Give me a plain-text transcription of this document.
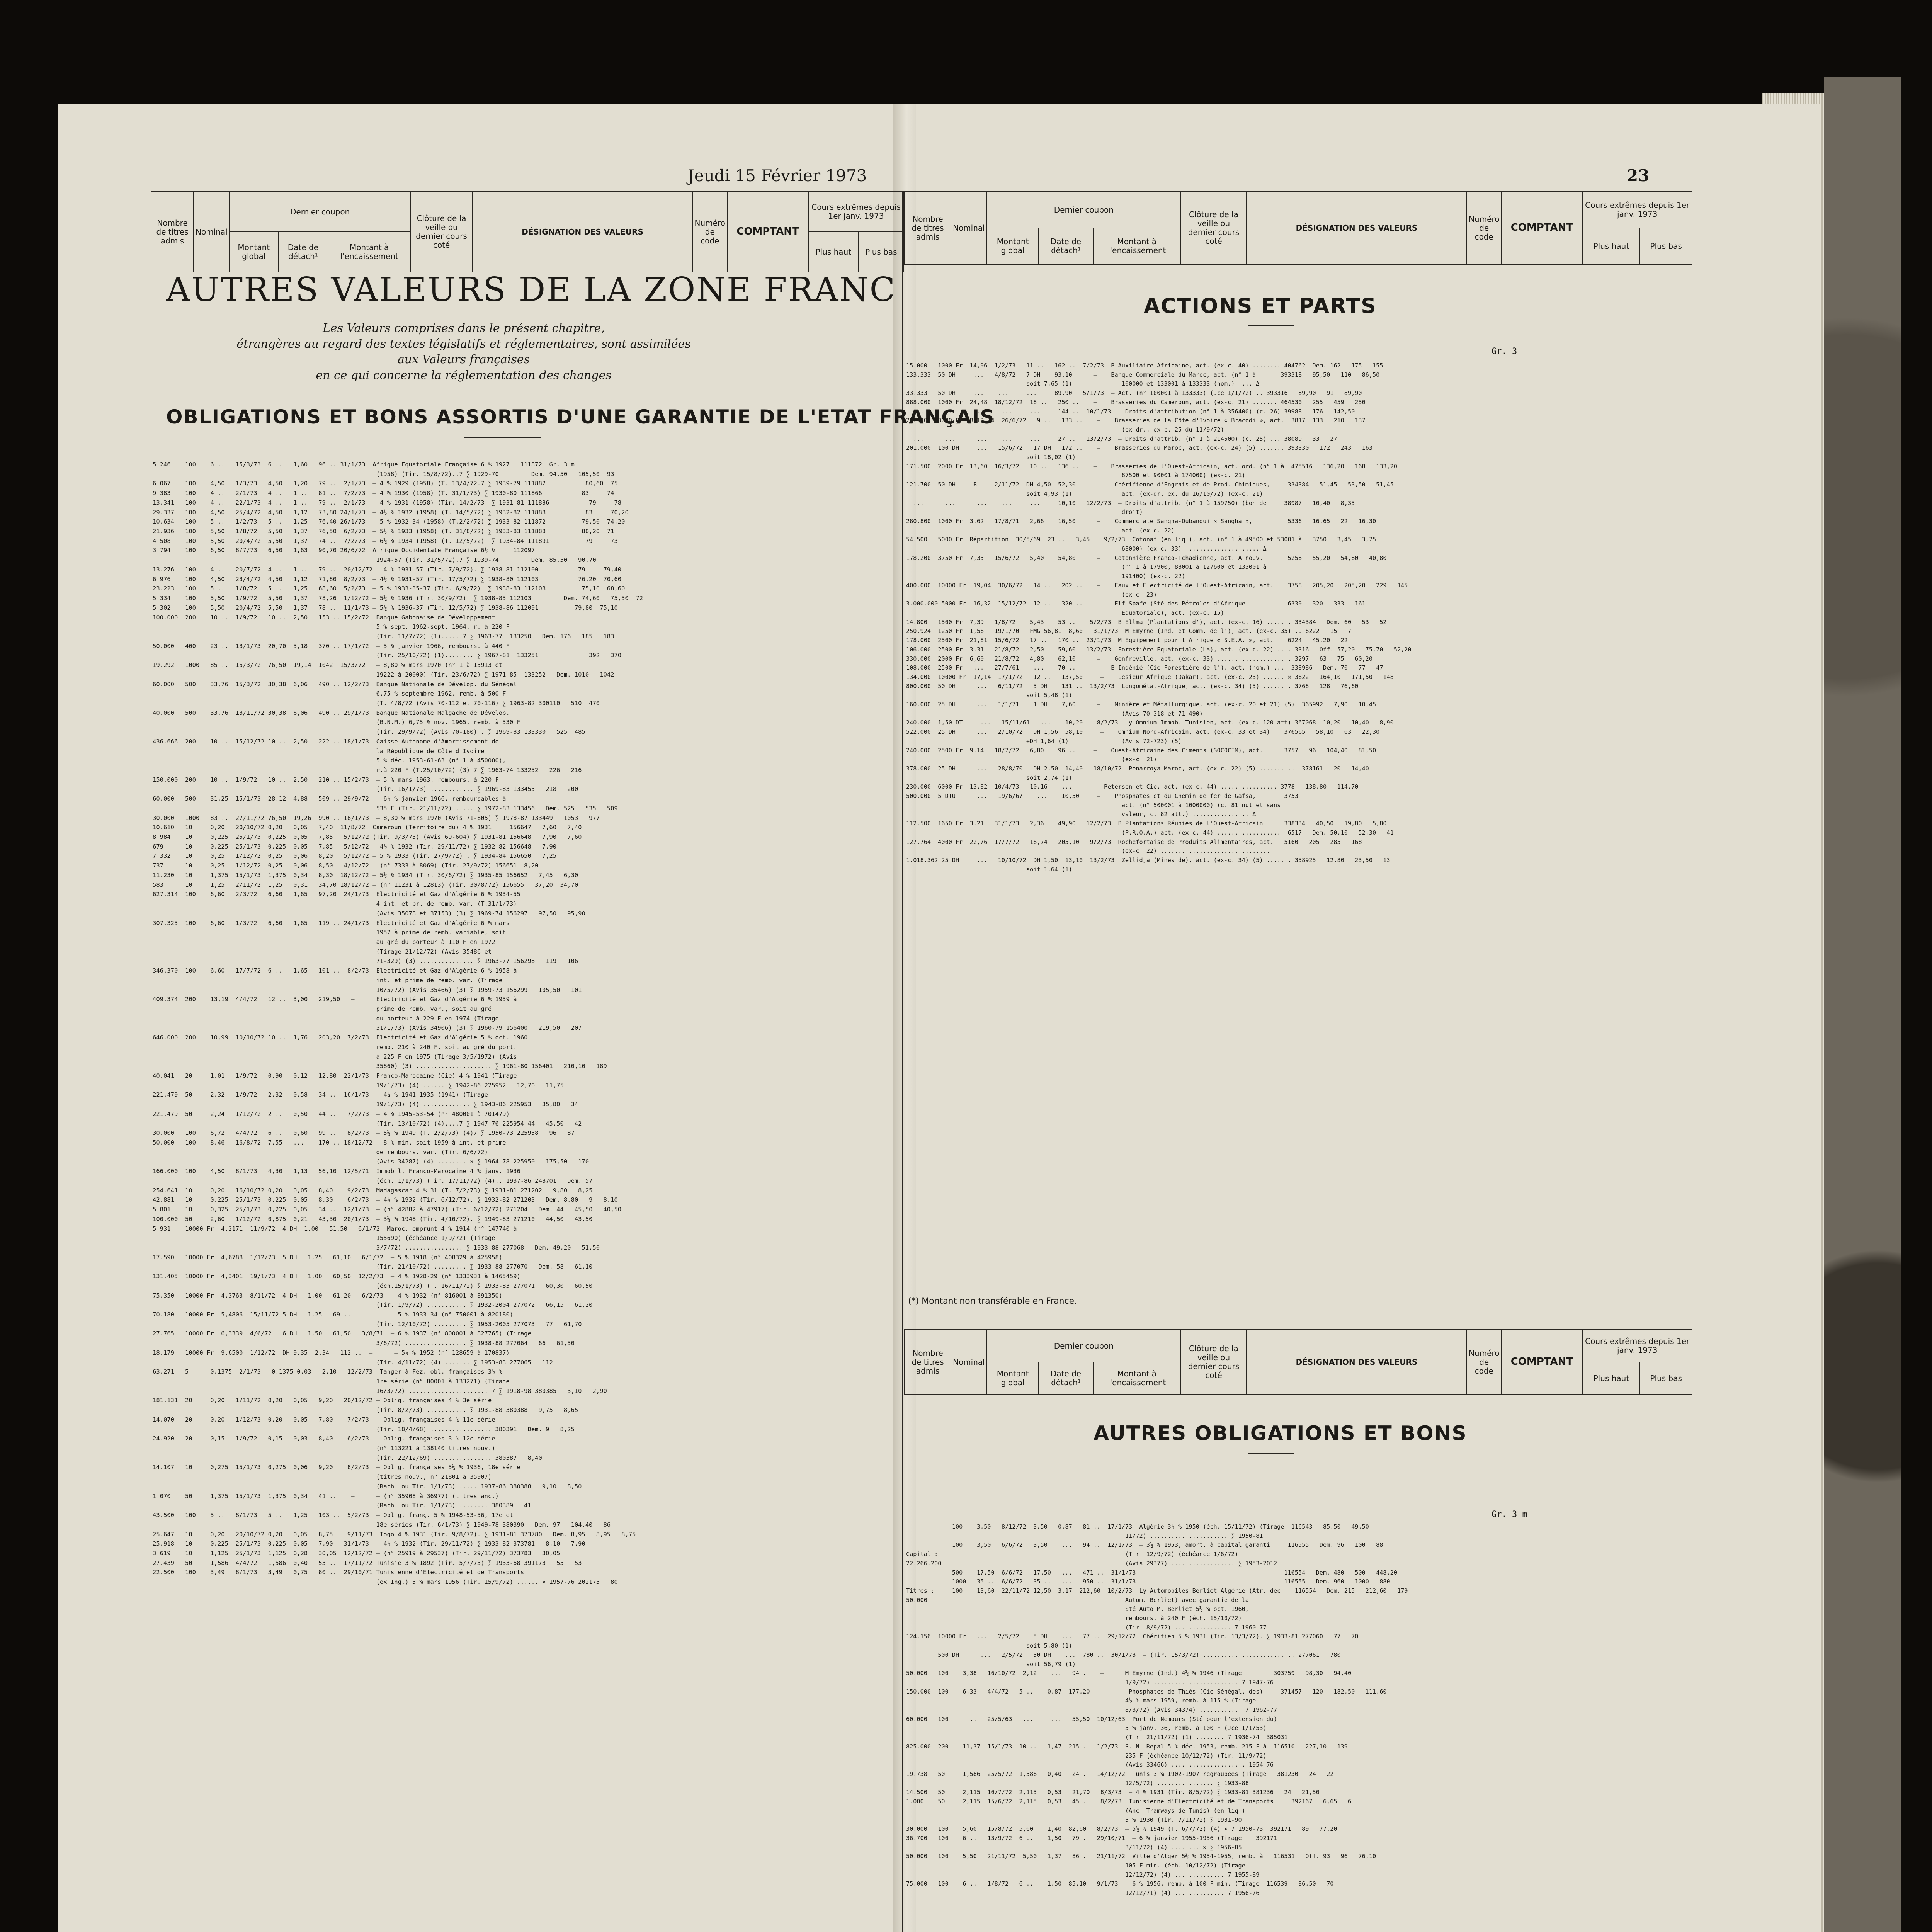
Jeudi 15 Février 1973	23
Nombre de titres admis	Nominal	Dernier coupon			Clôture de la veille ou dernier cours coté	DÉSIGNATION DES VALEURS	Numéro de code	COMPTANT	Cours extrêmes depuis 1er janv. 1973	
		Montant global	Date de détach¹	Montant à l'encaissement					Plus haut	Plus bas
Nombre de titres admis	Nominal	Dernier coupon			Clôture de la veille ou dernier cours coté	DÉSIGNATION DES VALEURS	Numéro de code	COMPTANT	Cours extrêmes depuis 1er janv. 1973	
		Montant global	Date de détach¹	Montant à l'encaissement					Plus haut	Plus bas
AUTRES VALEURS DE LA ZONE FRANC
Les Valeurs comprises dans le présent chapitre,
étrangères au regard des textes législatifs et réglementaires, sont assimilées aux Valeurs françaises
en ce qui concerne la réglementation des changes
OBLIGATIONS ET BONS ASSORTIS D'UNE GARANTIE DE L'ETAT FRANÇAIS
5.246    100    6 ..   15/3/73  6 ..   1,60   96 .. 31/1/73  Afrique Equatoriale Française 6 % 1927   111872  Gr. 3 m
(1958) (Tir. 15/8/72)..7 ∑ 1929-70         Dem. 94,50   105,50  93
6.067    100    4,50   1/3/73   4,50   1,20   79 ..  2/1/73  — 4 % 1929 (1958) (T. 13/4/72.7 ∑ 1939-79 111882           80,60  75
9.383    100    4 ..   2/1/73   4 ..   1 ..   81 ..  7/2/73  — 4 % 1930 (1958) (T. 31/1/73) ∑ 1930-80 111866           83     74
13.341   100    4 ..   22/1/73  4 ..   1 ..   79 ..  2/1/73  — 4 % 1931 (1958) (Tir. 14/2/73  ∑ 1931-81 111886           79     78
29.337   100    4,50   25/4/72  4,50   1,12   73,80 24/1/73  — 4½ % 1932 (1958) (T. 14/5/72) ∑ 1932-82 111888           83     70,20
10.634   100    5 ..   1/2/73   5 ..   1,25   76,40 26/1/73  — 5 % 1932-34 (1958) (T.2/2/72) ∑ 1933-82 111872          79,50  74,20
21.936   100    5,50   1/8/72   5,50   1,37   76,50  6/2/73  — 5½ % 1933 (1958) (T. 31/8/72) ∑ 1933-83 111888          80,20  71
4.508    100    5,50   20/4/72  5,50   1,37   74 ..  7/2/73  — 6½ % 1934 (1958) (T. 12/5/72)  ∑ 1934-84 111891          79     73
3.794    100    6,50   8/7/73   6,50   1,63   90,70 20/6/72  Afrique Occidentale Française 6½ %     112097
1924-57 (Tir. 31/5/72).7 ∑ 1939-74         Dem. 85,50   90,70
13.276   100    4 ..   20/7/72  4 ..   1 ..   79 ..  20/12/72 — 4 % 1931-57 (Tir. 7/9/72). ∑ 1938-81 112100           79     79,40
6.976    100    4,50   23/4/72  4,50   1,12   71,80  8/2/73  — 4½ % 1931-57 (Tir. 17/5/72) ∑ 1938-80 112103           76,20  70,60
23.223   100    5 ..   1/8/72   5 ..   1,25   68,60  5/2/73  — 5 % 1933-35-37 (Tir. 6/9/72)  ∑ 1938-83 112108          75,10  68,60
5.334    100    5,50   1/9/72   5,50   1,37   78,26  1/12/72 — 5½ % 1936 (Tir. 30/9/72)  ∑ 1938-85 112103         Dem. 74,60   75,50  72
5.302    100    5,50   20/4/72  5,50   1,37   78 ..  11/1/73 — 5½ % 1936-37 (Tir. 12/5/72) ∑ 1938-86 112091          79,80  75,10
100.000  200    10 ..  1/9/72   10 ..  2,50   153 .. 15/2/72  Banque Gabonaise de Développement
5 % sept. 1962-sept. 1964, r. à 220 F
(Tir. 11/7/72) (1)......7 ∑ 1963-77  133250   Dem. 176   185   183
50.000   400    23 ..  13/1/73  20,70  5,18   370 .. 17/1/72  — 5 % janvier 1966, rembours. à 440 F
(Tir. 25/10/72) (1)........ ∑ 1967-81  133251              392   370
19.292   1000   85 ..  15/3/72  76,50  19,14  1042  15/3/72   — 8,80 % mars 1970 (n° 1 à 15913 et
19222 à 20000) (Tir. 23/6/72) ∑ 1971-85  133252   Dem. 1010   1042
60.000   500    33,76  15/3/72  30,38  6,06   490 .. 12/2/73  Banque Nationale de Dévelop. du Sénégal
6,75 % septembre 1962, remb. à 500 F
(T. 4/8/72 (Avis 70-112 et 70-116) ∑ 1963-82 300110   510  470
40.000   500    33,76  13/11/72 30,38  6,06   490 .. 29/1/73  Banque Nationale Malgache de Dévelop.
(B.N.M.) 6,75 % nov. 1965, remb. à 530 F
(Tir. 29/9/72) (Avis 70-180) . ∑ 1969-83 133330   525  485
436.666  200    10 ..  15/12/72 10 ..  2,50   222 .. 18/1/73  Caisse Autonome d'Amortissement de
la République de Côte d'Ivoire
5 % déc. 1953-61-63 (n° 1 à 450000),
r.à 220 F (T.25/10/72) (3) 7 ∑ 1963-74 133252   226   216
150.000  200    10 ..  1/9/72   10 ..  2,50   210 .. 15/2/73  — 5 % mars 1963, rembours. à 220 F
(Tir. 16/1/73) ............ ∑ 1969-83 133455   218   200
60.000   500    31,25  15/1/73  28,12  4,88   509 .. 29/9/72  — 6½ % janvier 1966, remboursables à
535 F (Tir. 21/11/72) ..... ∑ 1972-83 133456   Dem. 525   535   509
30.000   1000   83 ..  27/11/72 76,50  19,26  990 .. 18/1/73  — 8,30 % mars 1970 (Avis 71-605) ∑ 1978-87 133449   1053   977
10.610   10     0,20   20/10/72 0,20   0,05   7,40  11/8/72  Cameroun (Territoire du) 4 % 1931     156647   7,60   7,40
8.984    10     0,225  25/1/73  0,225  0,05   7,85   5/12/72 (Tir. 9/3/73) (Avis 69-604) ∑ 1931-81 156648   7,90   7,60
679      10     0,225  25/1/73  0,225  0,05   7,85   5/12/72 — 4½ % 1932 (Tir. 29/11/72) ∑ 1932-82 156648   7,90
7.332    10     0,25   1/12/72  0,25   0,06   8,20   5/12/72 — 5 % 1933 (Tir. 27/9/72) . ∑ 1934-84 156650   7,25
737      10     0,25   1/12/72  0,25   0,06   8,50   4/12/72 — (n° 7333 à 8069) (Tir. 27/9/72) 156651  8,20
11.230   10     1,375  15/1/73  1,375  0,34   8,30  18/12/72 — 5½ % 1934 (Tir. 30/6/72) ∑ 1935-85 156652   7,45   6,30
583      10     1,25   2/11/72  1,25   0,31   34,70 18/12/72 — (n° 11231 à 12813) (Tir. 30/8/72) 156655   37,20  34,70
627.314  100    6,60   2/3/72   6,60   1,65   97,20  24/1/73  Electricité et Gaz d'Algérie 6 % 1934-55
4 int. et pr. de remb. var. (T.31/1/73)
(Avis 35078 et 37153) (3) ∑ 1969-74 156297   97,50   95,90
307.325  100    6,60   1/3/72   6,60   1,65   119 .. 24/1/73  Electricité et Gaz d'Algérie 6 % mars
1957 à prime de remb. variable, soit
au gré du porteur à 110 F en 1972
(Tirage 21/12/72) (Avis 35486 et
71-329) (3) ............... ∑ 1963-77 156298   119   106
346.370  100    6,60   17/7/72  6 ..   1,65   101 ..  8/2/73  Electricité et Gaz d'Algérie 6 % 1958 à
int. et prime de remb. var. (Tirage
10/5/72) (Avis 35466) (3) ∑ 1959-73 156299   105,50   101
409.374  200    13,19  4/4/72   12 ..  3,00   219,50   —      Electricité et Gaz d'Algérie 6 % 1959 à
prime de remb. var., soit au gré
du porteur à 229 F en 1974 (Tirage
31/1/73) (Avis 34906) (3) ∑ 1960-79 156400   219,50   207
646.000  200    10,99  10/10/72 10 ..  1,76   203,20  7/2/73  Electricité et Gaz d'Algérie 5 % oct. 1960
remb. 210 à 240 F, soit au gré du port.
à 225 F en 1975 (Tirage 3/5/1972) (Avis
35860) (3) ..................... ∑ 1961-80 156401   210,10   189
40.041   20     1,01   1/9/72   0,90   0,12   12,80  22/1/73  Franco-Marocaine (Cie) 4 % 1941 (Tirage
19/1/73) (4) ...... ∑ 1942-86 225952   12,70   11,75
221.479  50     2,32   1/9/72   2,32   0,58   34 ..  16/1/73  — 4¼ % 1941-1935 (1941) (Tirage
19/1/73) (4) ............. ∑ 1943-86 225953   35,80   34
221.479  50     2,24   1/12/72  2 ..   0,50   44 ..   7/2/73  — 4 % 1945-53-54 (n° 480001 à 701479)
(Tir. 13/10/72) (4)....7 ∑ 1947-76 225954 44   45,50   42
30.000   100    6,72   4/4/72   6 ..   0,60   99 ..   8/2/73  — 5½ % 1949 (T. 2/2/73) (4)7 ∑ 1950-73 225958   96   87
50.000   100    8,46   16/8/72  7,55   ...    170 .. 18/12/72 — 8 % min. soit 1959 à int. et prime
de rembours. var. (Tir. 6/6/72)
(Avis 34287) (4) ........ × ∑ 1964-78 225950   175,50   170
166.000  100    4,50   8/1/73   4,30   1,13   56,10  12/5/71  Immobil. Franco-Marocaine 4 % janv. 1936
(éch. 1/1/73) (Tir. 17/11/72) (4).. 1937-86 248701   Dem. 57
254.641  10     0,20   16/10/72 0,20   0,05   8,40    9/2/73  Madagascar 4 % 31 (T. 7/2/73) ∑ 1931-81 271202   9,80   8,25
42.881   10     0,225  25/1/73  0,225  0,05   8,30    6/2/73  — 4½ % 1932 (Tir. 6/12/72). ∑ 1932-82 271203   Dem. 8,80   9   8,10
5.801    10     0,325  25/1/73  0,225  0,05   34 ..  12/1/73  — (n° 42882 à 47917) (Tir. 6/12/72) 271204   Dem. 44   45,50   40,50
100.000  50     2,60   1/12/72  0,875  0,21   43,30  20/1/73  — 3½ % 1948 (Tir. 4/10/72). ∑ 1949-83 271210   44,50   43,50
5.931    10000 Fr  4,2171  11/9/72  4 DH  1,00   51,50   6/1/72  Maroc, emprunt 4 % 1914 (n° 147740 à
155690) (échéance 1/9/72) (Tirage
3/7/72) ................ ∑ 1933-88 277068   Dem. 49,20   51,50
17.590   10000 Fr  4,6788  1/12/73  5 DH   1,25   61,10   6/1/72  — 5 % 1918 (n° 408329 à 425958)
(Tir. 21/10/72) ......... ∑ 1933-88 277070   Dem. 58   61,10
131.405  10000 Fr  4,3401  19/1/73  4 DH   1,00   60,50  12/2/73  — 4 % 1928-29 (n° 1333931 à 1465459)
(éch.15/1/73) (T. 16/11/72) ∑ 1933-83 277071   60,30   60,50
75.350   10000 Fr  4,3763  8/11/72  4 DH   1,00   61,20   6/2/73  — 4 % 1932 (n° 816001 à 891350)
(Tir. 1/9/72) ........... ∑ 1932-2004 277072   66,15   61,20
70.180   10000 Fr  5,4806  15/11/72 5 DH   1,25   69 ..    —      — 5 % 1933-34 (n° 750001 à 820180)
(Tir. 12/10/72) ......... ∑ 1953-2005 277073   77   61,70
27.765   10000 Fr  6,3339  4/6/72   6 DH   1,50   61,50   3/8/71  — 6 % 1937 (n° 800001 à 827765) (Tirage
3/6/72) ................. ∑ 1938-88 277064   66   61,50
18.179   10000 Fr  9,6500  1/12/72  DH 9,35  2,34   112 ..  —      — 5½ % 1952 (n° 128659 à 170837)
(Tir. 4/11/72) (4) ....... ∑ 1953-83 277065   112
63.271   5      0,1375  2/1/73   0,1375 0,03   2,10   12/2/73  Tanger à Fez, obl. françaises 3½ %
1re série (n° 80001 à 133271) (Tirage
16/3/72) ...................... 7 ∑ 1918-98 380385   3,10   2,90
181.131  20     0,20   1/11/72  0,20   0,05   9,20   20/12/72 — Oblig. françaises 4 % 3e série
(Tir. 8/2/73) ........... ∑ 1931-88 380388   9,75   8,65
14.070   20     0,20   1/12/73  0,20   0,05   7,80    7/2/73  — Oblig. françaises 4 % 11e série
(Tir. 18/4/68) ................. 380391   Dem. 9   8,25
24.920   20     0,15   1/9/72   0,15   0,03   8,40    6/2/73  — Oblig. françaises 3 % 12e série
(n° 113221 à 138140 titres nouv.)
(Tir. 22/12/69) ................ 380387   8,40
14.107   10     0,275  15/1/73  0,275  0,06   9,20    8/2/73  — Oblig. françaises 5½ % 1936, 18e série
(titres nouv., n° 21801 à 35907)
(Rach. ou Tir. 1/1/73) ..... 1937-86 380388   9,10   8,50
1.070    50     1,375  15/1/73  1,375  0,34   41 ..    —      — (n° 35908 à 36977) (titres anc.)
(Rach. ou Tir. 1/1/73) ........ 380389   41
43.500   100    5 ..   8/1/73   5 ..   1,25   103 ..  5/2/73  — Oblig. franç. 5 % 1948-53-56, 17e et
18e séries (Tir. 6/1/73) ∑ 1949-78 380390   Dem. 97   104,40   86
25.647   10     0,20   20/10/72 0,20   0,05   8,75    9/11/73  Togo 4 % 1931 (Tir. 9/8/72). ∑ 1931-81 373780   Dem. 8,95   8,95   8,75
25.918   10     0,225  25/1/73  0,225  0,05   7,90   31/1/73  — 4½ % 1932 (Tir. 29/11/72) ∑ 1933-82 373781   8,10   7,90
3.619    10     1,125  25/1/73  1,125  0,28   30,05  12/12/72 — (n° 25919 à 29537) (Tir. 29/11/72) 373783   30,05
27.439   50     1,586  4/4/72   1,586  0,40   53 ..  17/11/72 Tunisie 3 % 1892 (Tir. 5/7/73) ∑ 1933-68 391173   55   53
22.500   100    3,49   8/1/73   3,49   0,75   80 ..  29/10/71 Tunisienne d'Electricité et de Transports
(ex Ing.) 5 % mars 1956 (Tir. 15/9/72) ...... × 1957-76 202173   80
ACTIONS ET PARTS
Gr. 3
15.000   1000 Fr  14,96  1/2/73   11 ..   162 ..  7/2/73  B Auxiliaire Africaine, act. (ex-c. 40) ........ 404762  Dem. 162   175   155
133.333  50 DH     ...   4/8/72   7 DH    93,10      —    Banque Commerciale du Maroc, act. (n° 1 à       393318   95,50   110   86,50
soit 7,65 (1)              100000 et 133001 à 133333 (nom.) .... Δ
33.333   50 DH     ...    ...     ...     89,90   5/1/73  — Act. (n° 100001 à 133333) (Jce 1/1/72) .. 393316   89,90   91   89,90
888.000  1000 Fr  24,48  18/12/72  18 ..   250 ..    —    Brasseries du Cameroun, act. (ex-c. 21) ....... 464530   255   459   250
...      ...      ...    ...     ...     144 ..  10/1/73  — Droits d'attribution (n° 1 à 356400) (c. 26) 39988   176   142,50
257.400  3000 Fr  B 12,24  26/6/72   9 ..   133 ..    —    Brasseries de la Côte d'Ivoire « Bracodi », act.  3817  133   210   137
(ex-dr., ex-c. 25 du 11/9/72)
...      ...      ...    ...     ...     27 ..   13/2/73  — Droits d'attrib. (n° 1 à 214500) (c. 25) ... 38089   33   27
201.000  100 DH     ...   15/6/72   17 DH   172 ..    —    Brasseries du Maroc, act. (ex-c. 24) (5) ....... 393330   172   243   163
soit 18,02 (1)
171.500  2000 Fr  13,60  16/3/72   10 ..   136 ..    —    Brasseries de l'Ouest-Africain, act. ord. (n° 1 à  475516   136,20   168   133,20
87500 et 90001 à 174000) (ex-c. 21)
121.700  50 DH     B     2/11/72  DH 4,50  52,30      —    Chérifienne d'Engrais et de Prod. Chimiques,     334384   51,45   53,50   51,45
soit 4,93 (1)              act. (ex-dr. ex. du 16/10/72) (ex-c. 21)
...      ...      ...    ...     ...     10,10   12/2/73  — Droits d'attrib. (n° 1 à 159750) (bon de     38987   10,40   8,35
droit)
280.800  1000 Fr  3,62   17/8/71   2,66    16,50      —    Commerciale Sangha-Oubangui « Sangha »,          5336   16,65   22   16,30
act. (ex-c. 22)
54.500   5000 Fr  Répartition  30/5/69  23 ..   3,45    9/2/73  Cotonaf (en liq.), act. (n° 1 à 49500 et 53001 à   3750   3,45   3,75
68000) (ex-c. 33) ..................... Δ
178.200  3750 Fr  7,35   15/6/72   5,40    54,80      —    Cotonnière Franco-Tchadienne, act. A nouv.       5258   55,20   54,80   40,80
(n° 1 à 17900, 88001 à 127600 et 133001 à
191400) (ex-c. 22)
400.000  10000 Fr  19,04  30/6/72   14 ..   202 ..    —    Eaux et Electricité de l'Ouest-Africain, act.    3758   205,20   205,20   229   145
(ex-c. 23)
3.000.000 5000 Fr  16,32  15/12/72  12 ..   320 ..    —    Elf-Spafe (Sté des Pétroles d'Afrique            6339   320   333   161
Equatoriale), act. (ex-c. 15)
14.800   1500 Fr  7,39   1/8/72    5,43    53 ..    5/2/73  B Ellma (Plantations d'), act. (ex-c. 16) ....... 334384   Dem. 60   53   52
250.924  1250 Fr  1,56   19/1/70   FMG 56,81  8,60   31/1/73  M Emyrne (Ind. et Comm. de l'), act. (ex-c. 35) .. 6222   15   7
178.000  2500 Fr  21,81  15/6/72   17 ..   170 ..  23/1/73  M Equipement pour l'Afrique « S.E.A. », act.    6224   45,20   22
106.000  2500 Fr  3,31   21/8/72   2,50    59,60   13/2/73  Forestière Equatoriale (La), act. (ex-c. 22) .... 3316   Off. 57,20   75,70   52,20
330.000  2000 Fr  6,60   21/8/72   4,80    62,10      —    Gonfreville, act. (ex-c. 33) ..................... 3297   63   75   60,20
108.000  2500 Fr   ...   27/7/61    ...    70 ..    —     B Indénié (Cie Forestière de l'), act. (nom.) .... 338986   Dem. 70   77   47
134.000  10000 Fr  17,14  17/1/72   12 ..   137,50     —    Lesieur Afrique (Dakar), act. (ex-c. 23) ...... × 3622   164,10   171,50   148
800.000  50 DH      ...   6/11/72   5 DH    131 ..  13/2/73  Longométal-Afrique, act. (ex-c. 34) (5) ........ 3768   128   76,60
soit 5,48 (1)
160.000  25 DH      ...   1/1/71    1 DH    7,60      —    Minière et Métallurgique, act. (ex-c. 20 et 21) (5)  365992   7,90   10,45
(Avis 70-318 et 71-490)
240.000  1,50 DT     ...   15/11/61   ...    10,20    8/2/73  Ly Omnium Immob. Tunisien, act. (ex-c. 120 att) 367068  10,20   10,40   8,90
522.000  25 DH      ...   2/10/72   DH 1,56  58,10     —    Omnium Nord-Africain, act. (ex-c. 33 et 34)    376565   58,10   63   22,30
+DH 1,64 (1)               (Avis 72-723) (5)
240.000  2500 Fr  9,14   18/7/72   6,80    96 ..     —    Ouest-Africaine des Ciments (SOCOCIM), act.      3757   96   104,40   81,50
(ex-c. 21)
378.000  25 DH      ...   28/8/70   DH 2,50  14,40   18/10/72  Penarroya-Maroc, act. (ex-c. 22) (5) ..........  378161   20   14,40
soit 2,74 (1)
230.000  6000 Fr  13,82  10/4/73   10,16    ...    —    Petersen et Cie, act. (ex-c. 44) ................ 3778   138,80   114,70
500.000  5 DTU      ...   19/6/67    ...    10,50     —    Phosphates et du Chemin de fer de Gafsa,        3753
act. (n° 500001 à 1000000) (c. 81 nul et sans
valeur, c. 82 att.) ................ Δ
112.500  1650 Fr  3,21   31/1/73   2,36    49,90   12/2/73  B Plantations Réunies de l'Ouest-Africain      338334   40,50   19,80   5,80
(P.R.O.A.) act. (ex-c. 44) ..................  6517   Dem. 50,10   52,30   41
127.764  4000 Fr  22,76  17/7/72   16,74   205,10   9/2/73  Rochefortaise de Produits Alimentaires, act.   5160   205   285   168
(ex-c. 22) ...............................
1.018.362 25 DH     ...   10/10/72  DH 1,50  13,10  13/2/73  Zellidja (Mines de), act. (ex-c. 34) (5) ....... 358925   12,80   23,50   13
soit 1,64 (1)
(*) Montant non transférable en France.
Nombre de titres admis	Nominal	Dernier coupon			Clôture de la veille ou dernier cours coté	DÉSIGNATION DES VALEURS	Numéro de code	COMPTANT	Cours extrêmes depuis 1er janv. 1973	
		Montant global	Date de détach¹	Montant à l'encaissement					Plus haut	Plus bas
AUTRES OBLIGATIONS ET BONS
Gr. 3 m
100    3,50   8/12/72  3,50   0,87   81 ..  17/1/73  Algérie 3½ % 1950 (éch. 15/11/72) (Tirage  116543   85,50   49,50
11/72) ...................... ∑ 1950-81
100    3,50   6/6/72   3,50    ...   94 ..  12/1/73  — 3½ % 1953, amort. à capital garanti     116555   Dem. 96   100   88
Capital :                                                     (Tir. 12/9/72) (échéance 1/6/72)
22.266.200                                                    (Avis 29377) .................. ∑ 1953-2012
500    17,50  6/6/72   17,50   ...   471 ..  31/1/73  —                                       116554   Dem. 480   500   448,20
1000   35 ..  6/6/72   35 ..   ...   950 ..  31/1/73  —                                       116555   Dem. 960   1000   880
Titres :     100    13,60  22/11/72 12,50  3,17  212,60  10/2/73  Ly Automobiles Berliet Algérie (Atr. dec    116554   Dem. 215   212,60   179
50.000                                                        Autom. Berliet) avec garantie de la
Sté Auto M. Berliet 5½ % oct. 1960,
rembours. à 240 F (éch. 15/10/72)
(Tir. 8/9/72) ................ 7 1960-77
124.156  10000 Fr   ...   2/5/72    5 DH    ...   77 ..  29/12/72  Chérifien 5 % 1931 (Tir. 13/3/72). ∑ 1933-81 277060   77   70
soit 5,80 (1)
500 DH      ...   2/5/72   50 DH    ...  780 ..  30/1/73  — (Tir. 15/3/72) .......................... 277061   780
soit 56,79 (1)
50.000   100    3,38   16/10/72  2,12    ...   94 ..   —      M Emyrne (Ind.) 4½ % 1946 (Tirage         303759   98,30   94,40
1/9/72) ........................ 7 1947-76
150.000  100    6,33   4/4/72   5 ..    0,87  177,20    —      Phosphates de Thiès (Cie Sénégal. des)     371457   120   182,50   111,60
4½ % mars 1959, remb. à 115 % (Tirage
8/3/72) (Avis 34374) ............ 7 1962-77
60.000   100     ...   25/5/63   ...     ...   55,50  10/12/63  Port de Nemours (Sté pour l'extension du)
5 % janv. 36, remb. à 100 F (Jce 1/1/53)
(Tir. 21/11/72) (1) ........ 7 1936-74  385031
825.000  200    11,37  15/1/73  10 ..   1,47  215 ..  1/2/73  S. N. Repal 5 % déc. 1953, remb. 215 F à  116510   227,10   139
235 F (échéance 10/12/72) (Tir. 11/9/72)
(Avis 33466) ..................... 1954-76
19.738   50     1,586  25/5/72  1,586   0,40   24 ..  14/12/72  Tunis 3 % 1902-1907 regroupées (Tirage   381230   24   22
12/5/72) ................ ∑ 1933-88
14.500   50     2,115  10/7/72  2,115   0,53   21,70   8/3/73  — 4 % 1931 (Tir. 8/5/72) ∑ 1933-81 381236   24   21,50
1.000    50     2,115  15/6/72  2,115   0,53   45 ..   8/2/73  Tunisienne d'Electricité et de Transports     392167   6,65   6
(Anc. Tramways de Tunis) (en liq.)
5 % 1930 (Tir. 7/11/72) ∑ 1931-90
30.000   100    5,60   15/8/72  5,60    1,40  82,60   8/2/73  — 5½ % 1949 (T. 6/7/72) (4) × 7 1950-73  392171   89   77,20
36.700   100    6 ..   13/9/72  6 ..    1,50   79 ..  29/10/71  — 6 % janvier 1955-1956 (Tirage    392171
3/11/72) (4) ........ × ∑ 1956-85
50.000   100    5,50   21/11/72  5,50   1,37   86 ..  21/11/72  Ville d'Alger 5½ % 1954-1955, remb. à   116531   Off. 93   96   76,10
105 F min. (éch. 10/12/72) (Tirage
12/12/72) (4) .............. 7 1955-89
75.000   100    6 ..   1/8/72   6 ..    1,50  85,10   9/1/73  — 6 % 1956, remb. à 100 F min. (Tirage  116539   86,50   70
12/12/71) (4) .............. 7 1956-76
